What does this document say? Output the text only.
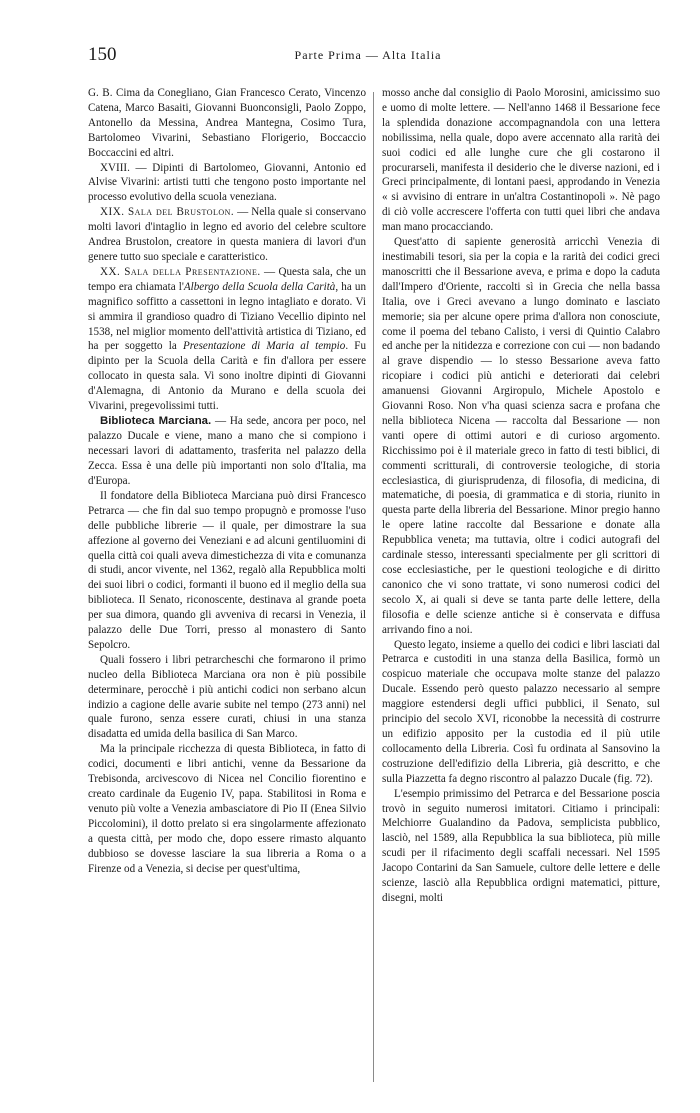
150	Parte Prima — Alta Italia

G. B. Cima da Conegliano, Gian Francesco Cerato, Vincenzo Catena, Marco Basaiti, Giovanni Buonconsigli, Paolo Zoppo, Antonello da Messina, Andrea Mantegna, Cosimo Tura, Bartolomeo Vivarini, Sebastiano Florigerio, Boccaccio Boccaccini ed altri.

XVIII. — Dipinti di Bartolomeo, Giovanni, Antonio ed Alvise Vivarini: artisti tutti che tengono posto importante nel processo evolutivo della scuola veneziana.

XIX. Sala del Brustolon. — Nella quale si conservano molti lavori d'intaglio in legno ed avorio del celebre scultore Andrea Brustolon, creatore in questa maniera di lavori d'un genere tutto suo speciale e caratteristico.

XX. Sala della Presentazione. — Questa sala, che un tempo era chiamata l'Albergo della Scuola della Carità, ha un magnifico soffitto a cassettoni in legno intagliato e dorato. Vi si ammira il grandioso quadro di Tiziano Vecellio dipinto nel 1538, nel miglior momento dell'attività artistica di Tiziano, ed ha per soggetto la Presentazione di Maria al tempio. Fu dipinto per la Scuola della Carità e fin d'allora per essere collocato in questa sala. Vi sono inoltre dipinti di Giovanni d'Alemagna, di Antonio da Murano e della scuola dei Vivarini, pregevolissimi tutti.

Biblioteca Marciana. — Ha sede, ancora per poco, nel palazzo Ducale e viene, mano a mano che si compiono i necessari lavori di adattamento, trasferita nel palazzo della Zecca. Essa è una delle più importanti non solo d'Italia, ma d'Europa.

Il fondatore della Biblioteca Marciana può dirsi Francesco Petrarca — che fin dal suo tempo propugnò e promosse l'uso delle pubbliche librerie — il quale, per dimostrare la sua affezione al governo dei Veneziani e ad alcuni gentiluomini di quella città coi quali aveva dimestichezza di vita e comunanza di studi, ancor vivente, nel 1362, regalò alla Repubblica molti dei suoi libri o codici, formanti il buono ed il meglio della sua biblioteca. Il Senato, riconoscente, destinava al grande poeta per sua dimora, quando gli avveniva di recarsi in Venezia, il palazzo delle Due Torri, presso al monastero di Santo Sepolcro.

Quali fossero i libri petrarcheschi che formarono il primo nucleo della Biblioteca Marciana ora non è più possibile determinare, perocchè i più antichi codici non serbano alcun indizio a cagione delle avarie subite nel tempo (273 anni) nel quale furono, senza essere curati, chiusi in una stanza disadatta ed umida della basilica di San Marco.

Ma la principale ricchezza di questa Biblioteca, in fatto di codici, documenti e libri antichi, venne da Bessarione da Trebisonda, arcivescovo di Nicea nel Concilio fiorentino e creato cardinale da Eugenio IV, papa. Stabilitosi in Roma e venuto più volte a Venezia ambasciatore di Pio II (Enea Silvio Piccolomini), il dotto prelato si era singolarmente affezionato a questa città, per modo che, dopo essere rimasto alquanto dubbioso se dovesse lasciare la sua libreria a Roma o a Firenze od a Venezia, si decise per quest'ultima,

mosso anche dal consiglio di Paolo Morosini, amicissimo suo e uomo di molte lettere. — Nell'anno 1468 il Bessarione fece la splendida donazione accompagnandola con una lettera nobilissima, nella quale, dopo avere accennato alla rarità dei suoi codici ed alle lunghe cure che gli costarono il procurarseli, manifesta il desiderio che le diverse nazioni, ed i Greci principalmente, di lontani paesi, approdando in Venezia « si avvisino di entrare in un'altra Costantinopoli ». Nè pago di ciò volle accrescere l'offerta con tutti quei libri che andava man mano procacciando.

Quest'atto di sapiente generosità arricchì Venezia di inestimabili tesori, sia per la copia e la rarità dei codici greci manoscritti che il Bessarione aveva, e prima e dopo la caduta dall'Impero d'Oriente, raccolti sì in Grecia che nella bassa Italia, ove i Greci avevano a lungo dominato e lasciato memorie; sia per alcune opere prima d'allora non conosciute, come il poema del tebano Calisto, i versi di Quintio Calabro ed anche per la nitidezza e correzione con cui — non badando al grave dispendio — lo stesso Bessarione aveva fatto ricopiare i codici più antichi e deteriorati dai celebri amanuensi Giovanni Argiropulo, Michele Apostolo e Giovanni Roso. Non v'ha quasi scienza sacra e profana che nella biblioteca Nicena — raccolta dal Bessarione — non vanti opere di ottimi autori e di curioso argomento. Ricchissimo poi è il materiale greco in fatto di testi biblici, di commenti scritturali, di controversie teologiche, di storia ecclesiastica, di giurisprudenza, di filosofia, di medicina, di matematiche, di poesia, di grammatica e di storia, riunito in questa parte della libreria del Bessarione. Minor pregio hanno le opere latine raccolte dal Bessarione e donate alla Repubblica veneta; ma tuttavia, oltre i codici autografi del cardinale stesso, interessanti specialmente per gli scrittori di cose ecclesiastiche, per le questioni teologiche e di diritto canonico che vi sono trattate, vi sono numerosi codici del secolo X, ai quali si deve se tanta parte delle lettere, della filosofia e delle scienze antiche si è conservata e diffusa arrivando fino a noi.

Questo legato, insieme a quello dei codici e libri lasciati dal Petrarca e custoditi in una stanza della Basilica, formò un cospicuo materiale che occupava molte stanze del palazzo Ducale. Essendo però questo palazzo necessario al sempre maggiore estendersi degli uffici pubblici, il Senato, sul principio del secolo XVI, riconobbe la necessità di costrurre un edifizio apposito per la custodia ed il più utile collocamento della Libreria. Così fu ordinata al Sansovino la costruzione dell'edifizio della Libreria, già descritto, e che sulla Piazzetta fa degno riscontro al palazzo Ducale (fig. 72).

L'esempio primissimo del Petrarca e del Bessarione poscia trovò in seguito numerosi imitatori. Citiamo i principali: Melchiorre Gualandino da Padova, semplicista pubblico, lasciò, nel 1589, alla Repubblica la sua biblioteca, più mille scudi per il rifacimento degli scaffali necessari. Nel 1595 Jacopo Contarini da San Samuele, cultore delle lettere e delle scienze, lasciò alla Repubblica ordigni matematici, pitture, disegni, molti
